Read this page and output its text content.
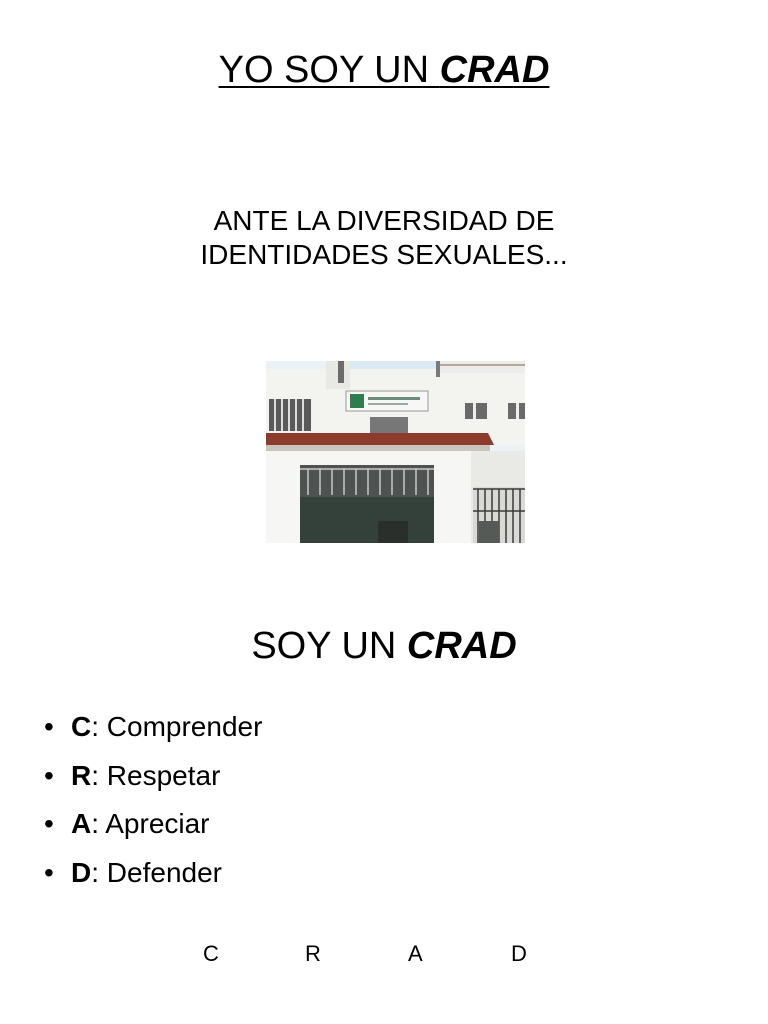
YO SOY UN CRAD
ANTE LA DIVERSIDAD DE
IDENTIDADES SEXUALES...
SOY UN CRAD
• C: Comprender
• R: Respetar
• A: Apreciar
• D: Defender
C	R	A	D
